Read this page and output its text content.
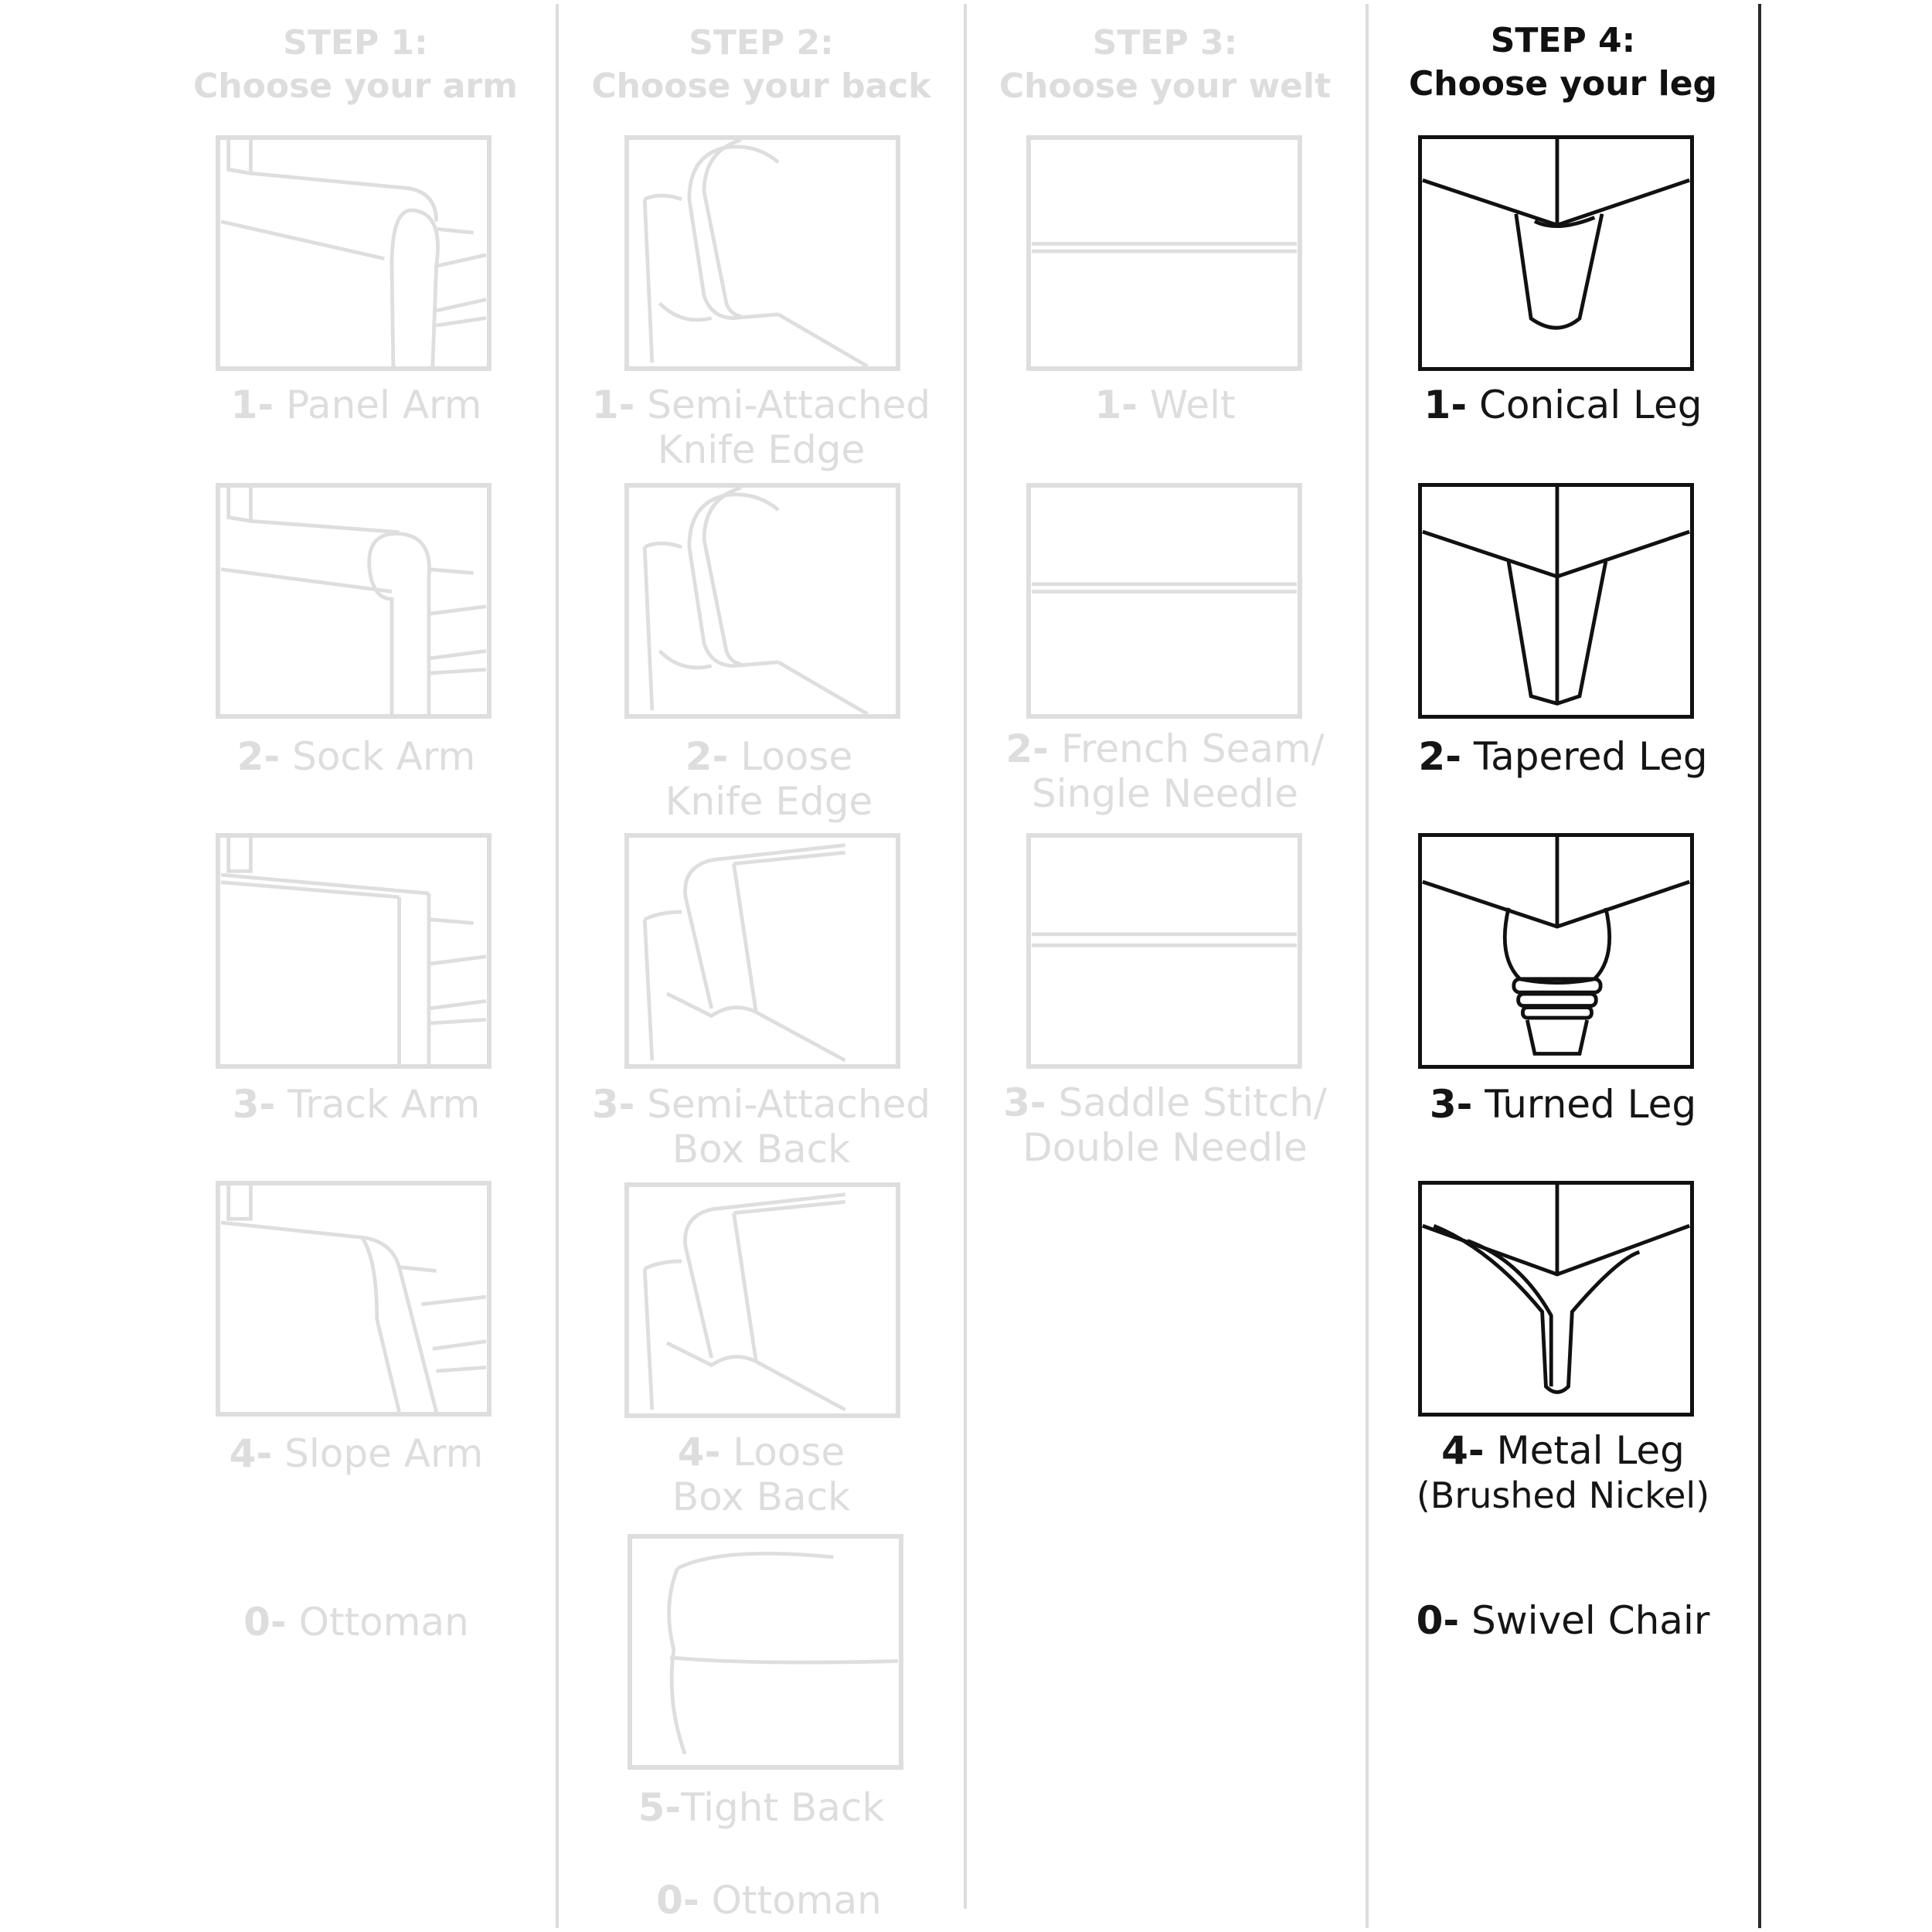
STEP 1:
Choose your arm
1- Panel Arm
2- Sock Arm
3- Track Arm
4- Slope Arm
0- Ottoman
STEP 2:
Choose your back
1- Semi-Attached
Knife Edge
2- Loose
Knife Edge
3- Semi-Attached
Box Back
4- Loose
Box Back
5-Tight Back
0- Ottoman
STEP 3:
Choose your welt
1- Welt
2- French Seam/
Single Needle
3- Saddle Stitch/
Double Needle
STEP 4:
Choose your leg
1- Conical Leg
2- Tapered Leg
3- Turned Leg
4- Metal Leg
(Brushed Nickel)
0- Swivel Chair
